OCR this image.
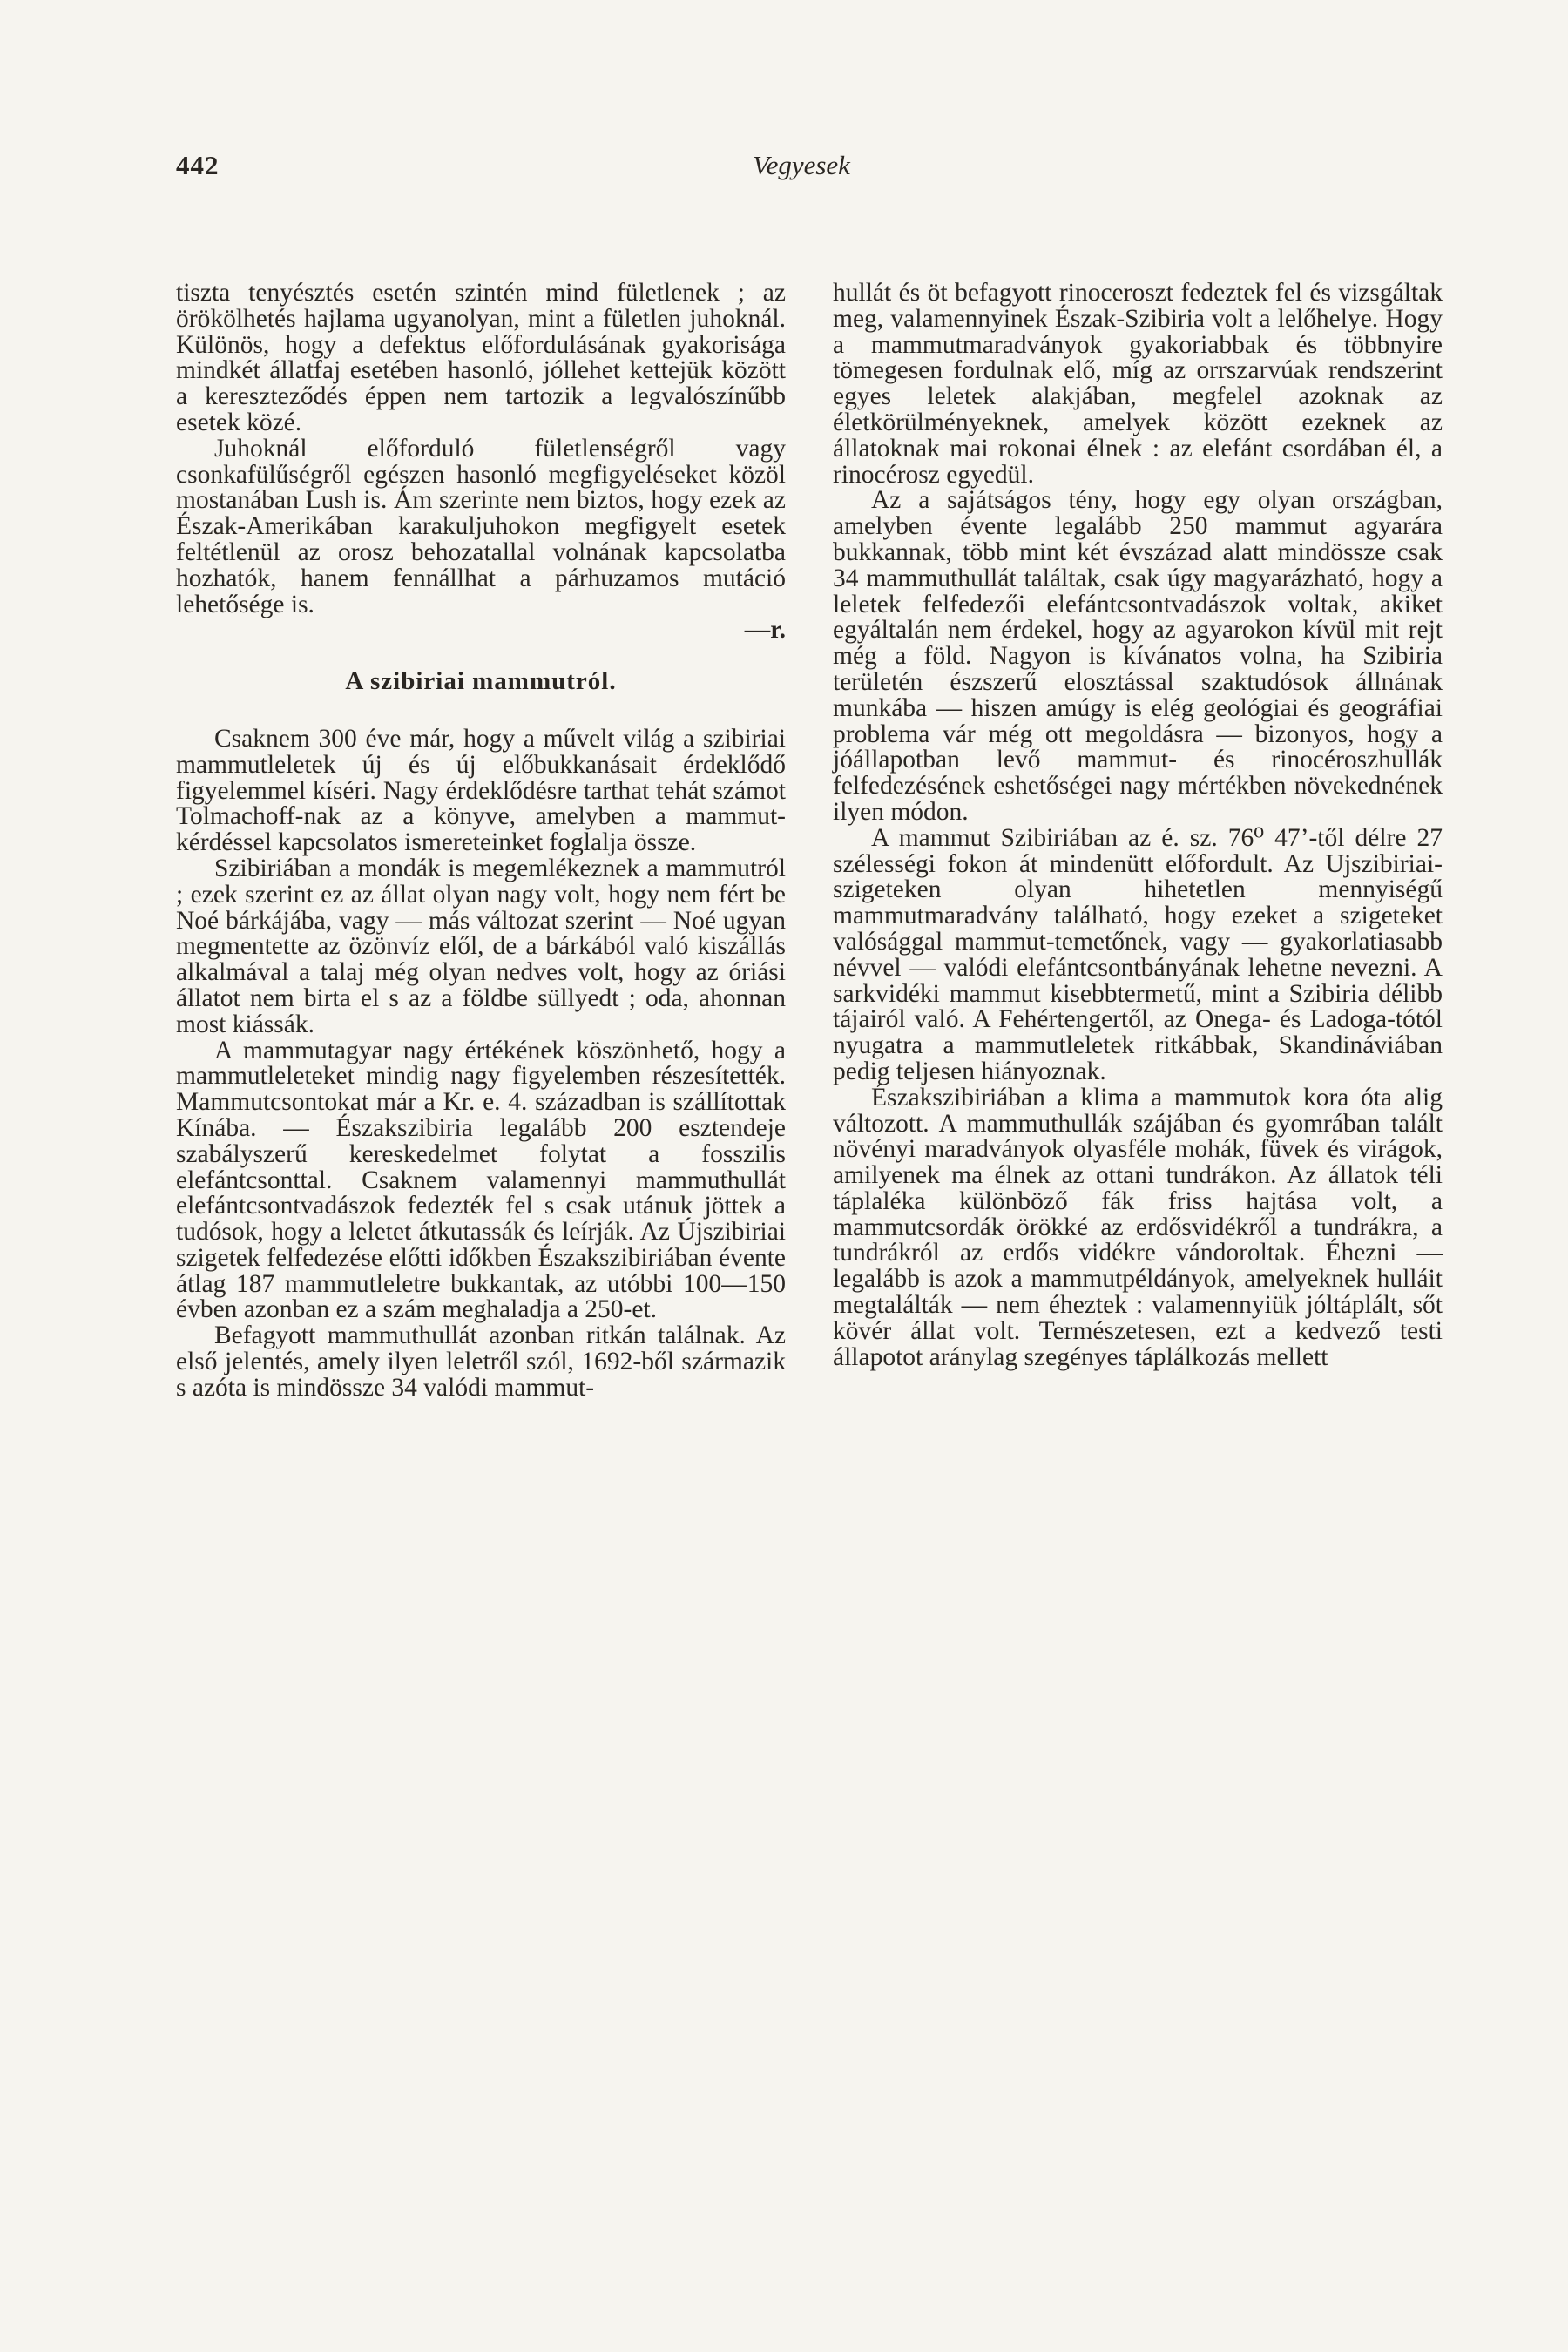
442	Vegyesek

tiszta tenyésztés esetén szintén mind fületlenek ; az örökölhetés hajlama ugyanolyan, mint a fületlen juhoknál. Különös, hogy a defektus előfordulásának gyakorisága mindkét állatfaj esetében hasonló, jóllehet kettejük között a kereszteződés éppen nem tartozik a legvalószínűbb esetek közé.

Juhoknál előforduló fületlenségről vagy csonkafülűségről egészen hasonló megfigyeléseket közöl mostanában Lush is. Ám szerinte nem biztos, hogy ezek az Észak-Amerikában karakuljuhokon megfigyelt esetek feltétlenül az orosz behozatallal volnának kapcsolatba hozhatók, hanem fennállhat a párhuzamos mutáció lehetősége is.

—r.

A szibiriai mammutról.

Csaknem 300 éve már, hogy a művelt világ a szibiriai mammutleletek új és új előbukkanásait érdeklődő figyelemmel kíséri. Nagy érdeklődésre tarthat tehát számot Tolmachoff-nak az a könyve, amelyben a mammut-kérdéssel kapcsolatos ismereteinket foglalja össze.

Szibiriában a mondák is megemlékeznek a mammutról ; ezek szerint ez az állat olyan nagy volt, hogy nem fért be Noé bárkájába, vagy — más változat szerint — Noé ugyan megmentette az özönvíz elől, de a bárkából való kiszállás alkalmával a talaj még olyan nedves volt, hogy az óriási állatot nem birta el s az a földbe süllyedt ; oda, ahonnan most kiássák.

A mammutagyar nagy értékének köszönhető, hogy a mammutleleteket mindig nagy figyelemben részesítették. Mammutcsontokat már a Kr. e. 4. században is szállítottak Kínába. — Északszibiria legalább 200 esztendeje szabályszerű kereskedelmet folytat a fosszilis elefántcsonttal. Csaknem valamennyi mammuthullát elefántcsontvadászok fedezték fel s csak utánuk jöttek a tudósok, hogy a leletet átkutassák és leírják. Az Újszibiriai szigetek felfedezése előtti időkben Északszibiriában évente átlag 187 mammutleletre bukkantak, az utóbbi 100—150 évben azonban ez a szám meghaladja a 250-et.

Befagyott mammuthullát azonban ritkán találnak. Az első jelentés, amely ilyen leletről szól, 1692-ből származik s azóta is mindössze 34 valódi mammut-

hullát és öt befagyott rinoceroszt fedeztek fel és vizsgáltak meg, valamennyinek Észak-Szibiria volt a lelőhelye. Hogy a mammutmaradványok gyakoriabbak és többnyire tömegesen fordulnak elő, míg az orrszarvúak rendszerint egyes leletek alakjában, megfelel azoknak az életkörülményeknek, amelyek között ezeknek az állatoknak mai rokonai élnek : az elefánt csordában él, a rinocérosz egyedül.

Az a sajátságos tény, hogy egy olyan országban, amelyben évente legalább 250 mammut agyarára bukkannak, több mint két évszázad alatt mindössze csak 34 mammuthullát találtak, csak úgy magyarázható, hogy a leletek felfedezői elefántcsontvadászok voltak, akiket egyáltalán nem érdekel, hogy az agyarokon kívül mit rejt még a föld. Nagyon is kívánatos volna, ha Szibiria területén észszerű elosztással szaktudósok állnának munkába — hiszen amúgy is elég geológiai és geográfiai problema vár még ott megoldásra — bizonyos, hogy a jóállapotban levő mammut- és rinocéroszhullák felfedezésének eshetőségei nagy mértékben növekednének ilyen módon.

A mammut Szibiriában az é. sz. 76⁰ 47’-től délre 27 szélességi fokon át mindenütt előfordult. Az Ujszibiriai-szigeteken olyan hihetetlen mennyiségű mammutmaradvány található, hogy ezeket a szigeteket valósággal mammut-temetőnek, vagy — gyakorlatiasabb névvel — valódi elefántcsontbányának lehetne nevezni. A sarkvidéki mammut kisebbtermetű, mint a Szibiria délibb tájairól való. A Fehértengertől, az Onega- és Ladoga-tótól nyugatra a mammutleletek ritkábbak, Skandináviában pedig teljesen hiányoznak.

Északszibiriában a klima a mammutok kora óta alig változott. A mammuthullák szájában és gyomrában talált növényi maradványok olyasféle mohák, füvek és virágok, amilyenek ma élnek az ottani tundrákon. Az állatok téli táplaléka különböző fák friss hajtása volt, a mammutcsordák örökké az erdősvidékről a tundrákra, a tundrákról az erdős vidékre vándoroltak. Éhezni — legalább is azok a mammutpéldányok, amelyeknek hulláit megtalálták — nem éheztek : valamennyiük jóltáplált, sőt kövér állat volt. Természetesen, ezt a kedvező testi állapotot aránylag szegényes táplálkozás mellett
